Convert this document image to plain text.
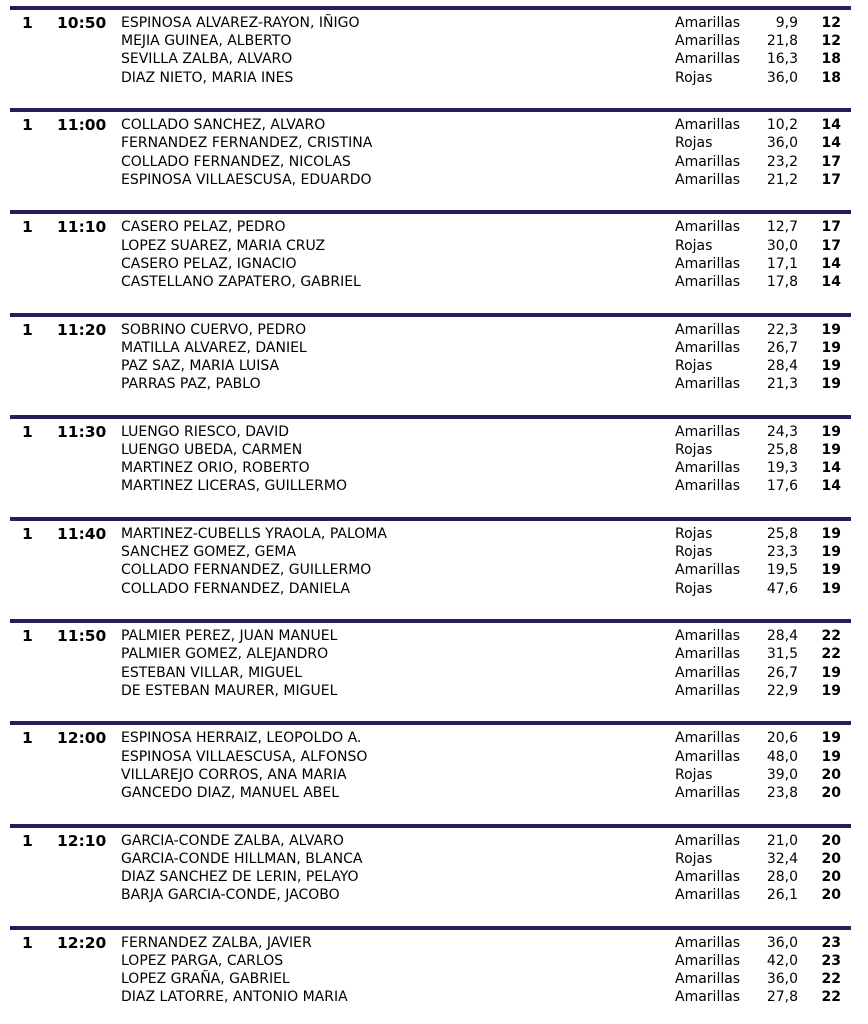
1 10:50 ESPINOSA ALVAREZ-RAYON, IÑIGO	Amarillas	9,9	12
MEJIA GUINEA, ALBERTO	Amarillas	21,8	12
SEVILLA ZALBA, ALVARO	Amarillas	16,3	18
DIAZ NIETO, MARIA INES	Rojas	36,0	18
1 11:00 COLLADO SANCHEZ, ALVARO	Amarillas	10,2	14
FERNANDEZ FERNANDEZ, CRISTINA	Rojas	36,0	14
COLLADO FERNANDEZ, NICOLAS	Amarillas	23,2	17
ESPINOSA VILLAESCUSA, EDUARDO	Amarillas	21,2	17
1 11:10 CASERO PELAZ, PEDRO	Amarillas	12,7	17
LOPEZ SUAREZ, MARIA CRUZ	Rojas	30,0	17
CASERO PELAZ, IGNACIO	Amarillas	17,1	14
CASTELLANO ZAPATERO, GABRIEL	Amarillas	17,8	14
1 11:20 SOBRINO CUERVO, PEDRO	Amarillas	22,3	19
MATILLA ALVAREZ, DANIEL	Amarillas	26,7	19
PAZ SAZ, MARIA LUISA	Rojas	28,4	19
PARRAS PAZ, PABLO	Amarillas	21,3	19
1 11:30 LUENGO RIESCO, DAVID	Amarillas	24,3	19
LUENGO UBEDA, CARMEN	Rojas	25,8	19
MARTINEZ ORIO, ROBERTO	Amarillas	19,3	14
MARTINEZ LICERAS, GUILLERMO	Amarillas	17,6	14
1 11:40 MARTINEZ-CUBELLS YRAOLA, PALOMA	Rojas	25,8	19
SANCHEZ GOMEZ, GEMA	Rojas	23,3	19
COLLADO FERNANDEZ, GUILLERMO	Amarillas	19,5	19
COLLADO FERNANDEZ, DANIELA	Rojas	47,6	19
1 11:50 PALMIER PEREZ, JUAN MANUEL	Amarillas	28,4	22
PALMIER GOMEZ, ALEJANDRO	Amarillas	31,5	22
ESTEBAN VILLAR, MIGUEL	Amarillas	26,7	19
DE ESTEBAN MAURER, MIGUEL	Amarillas	22,9	19
1 12:00 ESPINOSA HERRAIZ, LEOPOLDO A.	Amarillas	20,6	19
ESPINOSA VILLAESCUSA, ALFONSO	Amarillas	48,0	19
VILLAREJO CORROS, ANA MARIA	Rojas	39,0	20
GANCEDO DIAZ, MANUEL ABEL	Amarillas	23,8	20
1 12:10 GARCIA-CONDE ZALBA, ALVARO	Amarillas	21,0	20
GARCIA-CONDE HILLMAN, BLANCA	Rojas	32,4	20
DIAZ SANCHEZ DE LERIN, PELAYO	Amarillas	28,0	20
BARJA GARCIA-CONDE, JACOBO	Amarillas	26,1	20
1 12:20 FERNANDEZ ZALBA, JAVIER	Amarillas	36,0	23
LOPEZ PARGA, CARLOS	Amarillas	42,0	23
LOPEZ GRAÑA, GABRIEL	Amarillas	36,0	22
DIAZ LATORRE, ANTONIO MARIA	Amarillas	27,8	22
